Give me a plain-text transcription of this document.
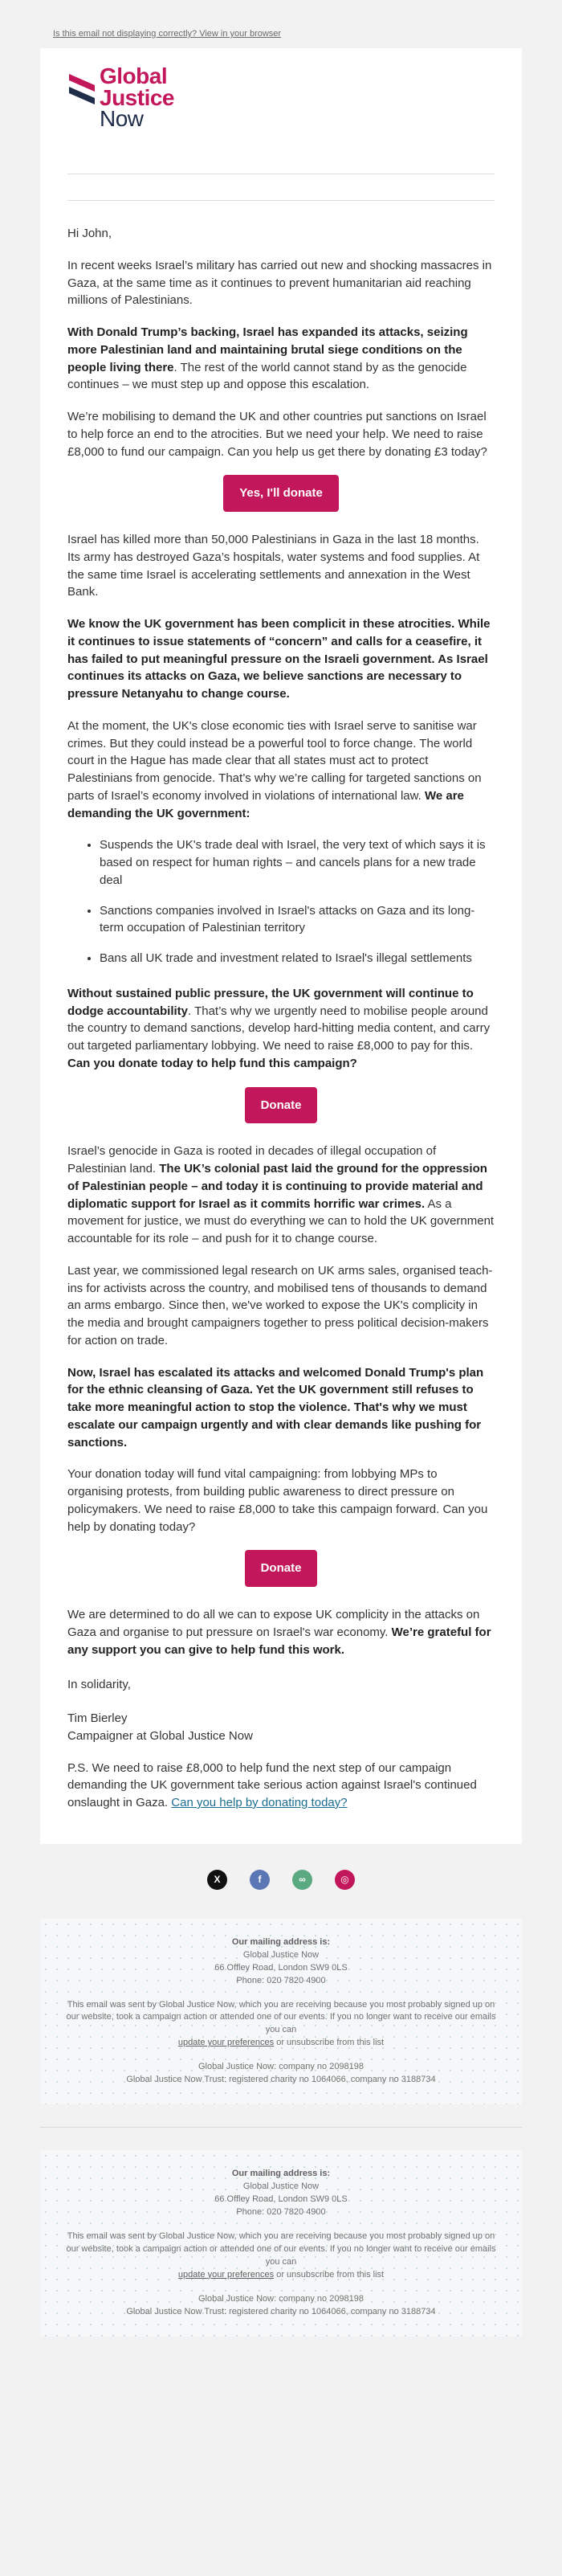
Is this email not displaying correctly? View in your browser
Global
Justice
Now

Hi John,

In recent weeks Israel’s military has carried out new and shocking massacres in Gaza, at the same time as it continues to prevent humanitarian aid reaching millions of Palestinians.

With Donald Trump’s backing, Israel has expanded its attacks, seizing more Palestinian land and maintaining brutal siege conditions on the people living there. The rest of the world cannot stand by as the genocide continues – we must step up and oppose this escalation.

We’re mobilising to demand the UK and other countries put sanctions on Israel to help force an end to the atrocities. But we need your help. We need to raise £8,000 to fund our campaign. Can you help us get there by donating £3 today?

Yes, I'll donate

Israel has killed more than 50,000 Palestinians in Gaza in the last 18 months. Its army has destroyed Gaza’s hospitals, water systems and food supplies. At the same time Israel is accelerating settlements and annexation in the West Bank.

We know the UK government has been complicit in these atrocities. While it continues to issue statements of “concern” and calls for a ceasefire, it has failed to put meaningful pressure on the Israeli government. As Israel continues its attacks on Gaza, we believe sanctions are necessary to pressure Netanyahu to change course.

At the moment, the UK's close economic ties with Israel serve to sanitise war crimes. But they could instead be a powerful tool to force change. The world court in the Hague has made clear that all states must act to protect Palestinians from genocide. That’s why we’re calling for targeted sanctions on parts of Israel’s economy involved in violations of international law. We are demanding the UK government:

• Suspends the UK's trade deal with Israel, the very text of which says it is based on respect for human rights – and cancels plans for a new trade deal
• Sanctions companies involved in Israel's attacks on Gaza and its long-term occupation of Palestinian territory
• Bans all UK trade and investment related to Israel's illegal settlements

Without sustained public pressure, the UK government will continue to dodge accountability. That’s why we urgently need to mobilise people around the country to demand sanctions, develop hard-hitting media content, and carry out targeted parliamentary lobbying. We need to raise £8,000 to pay for this. Can you donate today to help fund this campaign?

Donate

Israel’s genocide in Gaza is rooted in decades of illegal occupation of Palestinian land. The UK’s colonial past laid the ground for the oppression of Palestinian people – and today it is continuing to provide material and diplomatic support for Israel as it commits horrific war crimes. As a movement for justice, we must do everything we can to hold the UK government accountable for its role – and push for it to change course.

Last year, we commissioned legal research on UK arms sales, organised teach-ins for activists across the country, and mobilised tens of thousands to demand an arms embargo. Since then, we've worked to expose the UK's complicity in the media and brought campaigners together to press political decision-makers for action on trade.

Now, Israel has escalated its attacks and welcomed Donald Trump's plan for the ethnic cleansing of Gaza. Yet the UK government still refuses to take more meaningful action to stop the violence. That's why we must escalate our campaign urgently and with clear demands like pushing for sanctions.

Your donation today will fund vital campaigning: from lobbying MPs to organising protests, from building public awareness to direct pressure on policymakers. We need to raise £8,000 to take this campaign forward. Can you help by donating today?

Donate

We are determined to do all we can to expose UK complicity in the attacks on Gaza and organise to put pressure on Israel's war economy. We’re grateful for any support you can give to help fund this work.

In solidarity,

Tim Bierley
Campaigner at Global Justice Now

P.S. We need to raise £8,000 to help fund the next step of our campaign demanding the UK government take serious action against Israel's continued onslaught in Gaza. Can you help by donating today?

X	f	∞	◎
Our mailing address is:
Global Justice Now
66 Offley Road, London SW9 0LS
Phone: 020 7820 4900
This email was sent by Global Justice Now, which you are receiving because you most probably signed up on our website, took a campaign action or attended one of our events. If you no longer want to receive our emails you can
update your preferences or unsubscribe from this list
Global Justice Now: company no 2098198
Global Justice Now Trust: registered charity no 1064066, company no 3188734
Our mailing address is:
Global Justice Now
66 Offley Road, London SW9 0LS
Phone: 020 7820 4900
This email was sent by Global Justice Now, which you are receiving because you most probably signed up on our website, took a campaign action or attended one of our events. If you no longer want to receive our emails you can
update your preferences or unsubscribe from this list
Global Justice Now: company no 2098198
Global Justice Now Trust: registered charity no 1064066, company no 3188734
